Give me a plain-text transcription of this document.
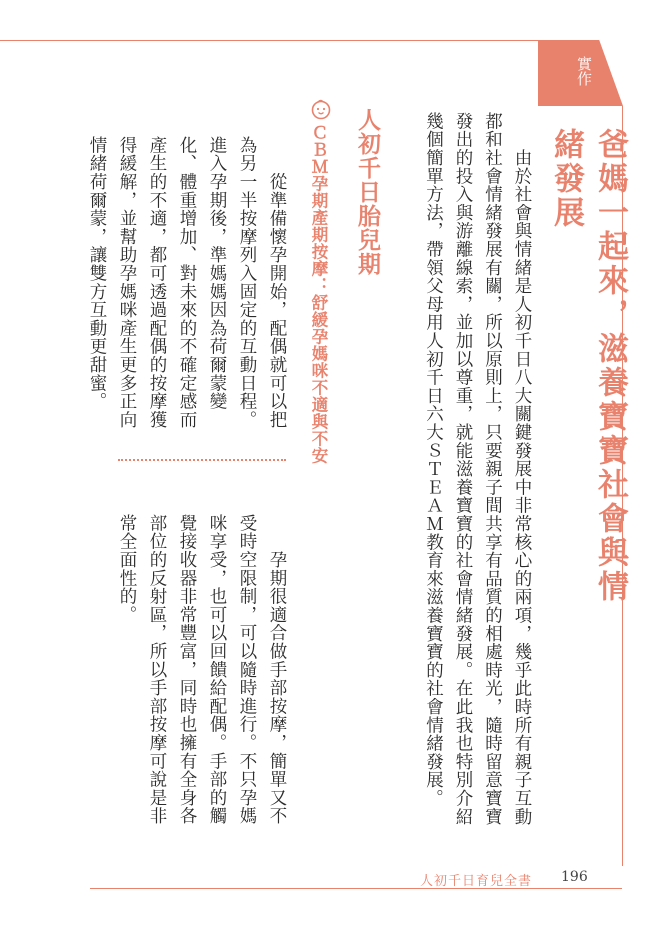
實作
爸媽一起來，滋養寶寶社會與情緒發展
　　由於社會與情緒是人初千日八大關鍵發展中非常核心的兩項，幾乎此時所有親子互動都和社會情緒發展有關，所以原則上，只要親子間共享有品質的相處時光，隨時留意寶寶發出的投入與游離線索，並加以尊重，就能滋養寶寶的社會情緒發展。在此我也特別介紹幾個簡單方法，帶領父母用人初千日六大ＳＴＥＡＭ教育來滋養寶寶的社會情緒發展。
人初千日胎兒期
ＣＢＭ孕期產期按摩：舒緩孕媽咪不適與不安
　　從準備懷孕開始，配偶就可以把為另一半按摩列入固定的互動日程。進入孕期後，準媽媽因為荷爾蒙變化、體重增加、對未來的不確定感而產生的不適，都可透過配偶的按摩獲得緩解，並幫助孕媽咪產生更多正向情緒荷爾蒙，讓雙方互動更甜蜜。
　　孕期很適合做手部按摩，簡單又不受時空限制，可以隨時進行。不只孕媽咪享受，也可以回饋給配偶。手部的觸覺接收器非常豐富，同時也擁有全身各部位的反射區，所以手部按摩可說是非常全面性的。
人初千日育兒全書 196
